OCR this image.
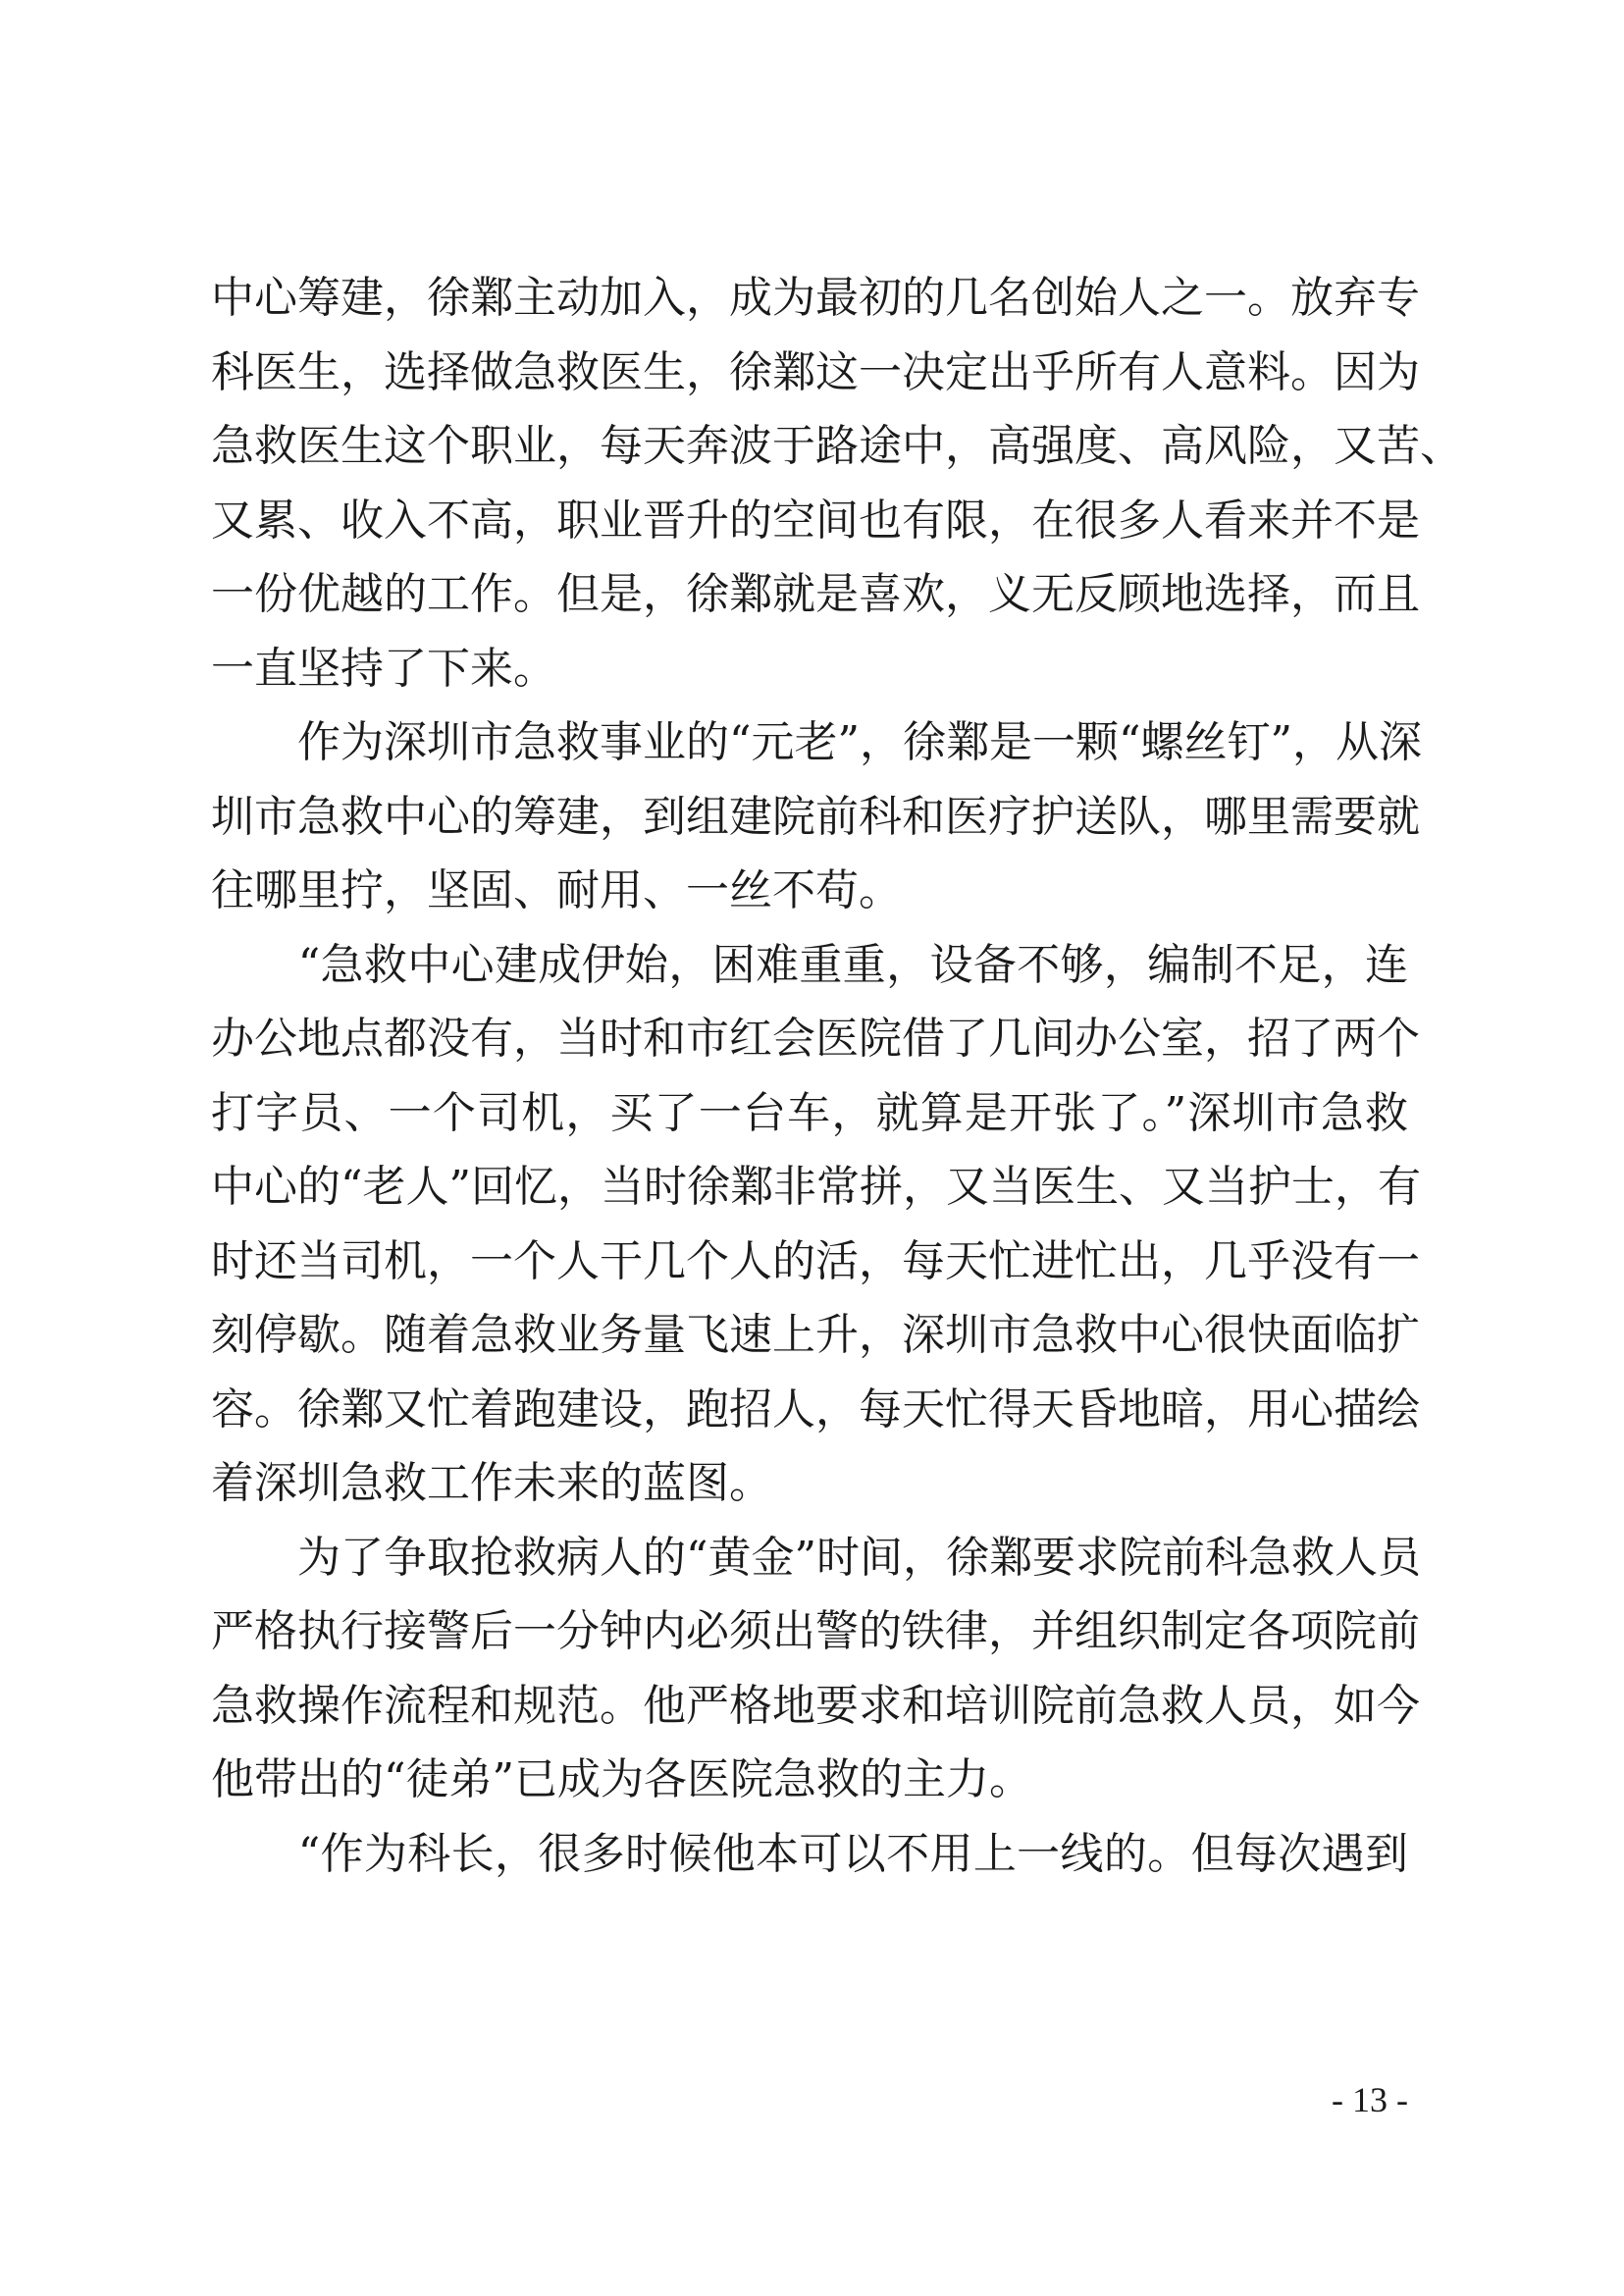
中心筹建，徐鄴主动加入，成为最初的几名创始人之一。放弃专
科医生，选择做急救医生，徐鄴这一决定出乎所有人意料。因为
急救医生这个职业，每天奔波于路途中，高强度、高风险，又苦、
又累、收入不高，职业晋升的空间也有限，在很多人看来并不是
一份优越的工作。但是，徐鄴就是喜欢，义无反顾地选择，而且
一直坚持了下来。
　　作为深圳市急救事业的“元老”，徐鄴是一颗“螺丝钉”，从深
圳市急救中心的筹建，到组建院前科和医疗护送队，哪里需要就
往哪里拧，坚固、耐用、一丝不苟。
　　“急救中心建成伊始，困难重重，设备不够，编制不足，连
办公地点都没有，当时和市红会医院借了几间办公室，招了两个
打字员、一个司机，买了一台车，就算是开张了。”深圳市急救
中心的“老人”回忆，当时徐鄴非常拼，又当医生、又当护士，有
时还当司机，一个人干几个人的活，每天忙进忙出，几乎没有一
刻停歇。随着急救业务量飞速上升，深圳市急救中心很快面临扩
容。徐鄴又忙着跑建设，跑招人，每天忙得天昏地暗，用心描绘
着深圳急救工作未来的蓝图。
　　为了争取抢救病人的“黄金”时间，徐鄴要求院前科急救人员
严格执行接警后一分钟内必须出警的铁律，并组织制定各项院前
急救操作流程和规范。他严格地要求和培训院前急救人员，如今
他带出的“徒弟”已成为各医院急救的主力。
　　“作为科长，很多时候他本可以不用上一线的。但每次遇到
- 13 -
